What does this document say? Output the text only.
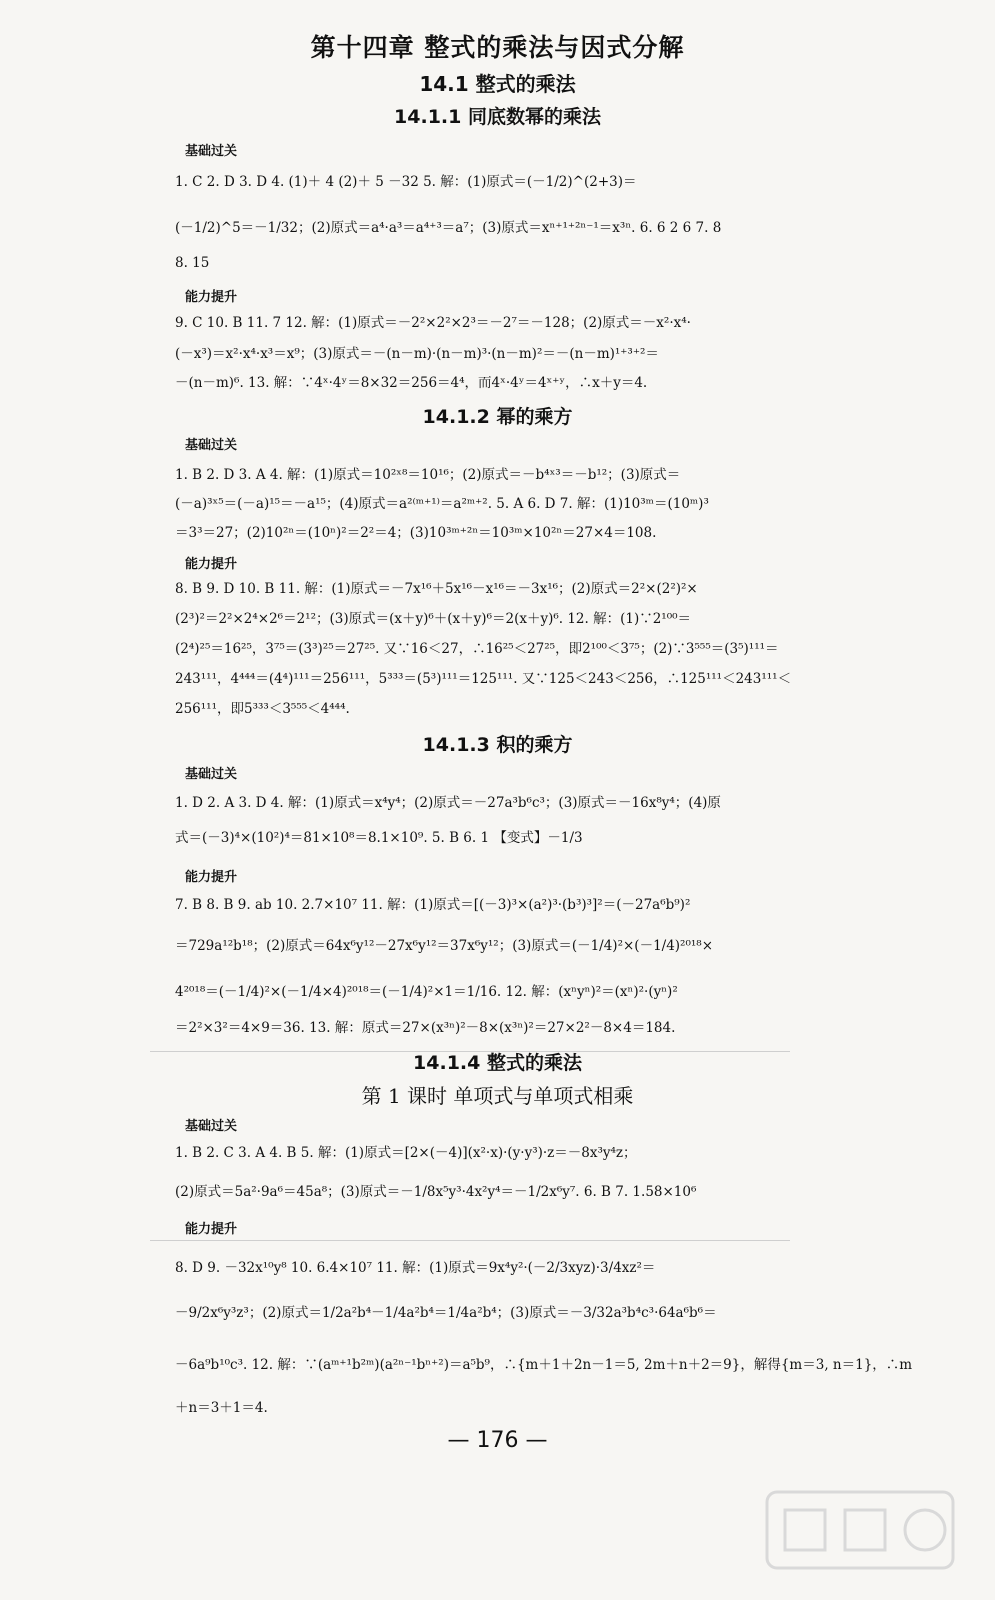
第十四章 整式的乘法与因式分解
14.1 整式的乘法
14.1.1 同底数幂的乘法
基础过关
1. C 2. D 3. D 4. (1)＋ 4 (2)＋ 5 －32 5. 解：(1)原式＝(－1/2)^(2+3)＝
(－1/2)^5＝－1/32；(2)原式＝a⁴·a³＝a⁴⁺³＝a⁷；(3)原式＝xⁿ⁺¹⁺²ⁿ⁻¹＝x³ⁿ. 6. 6 2 6 7. 8
8. 15
能力提升
9. C 10. B 11. 7 12. 解：(1)原式＝－2²×2²×2³＝－2⁷＝－128；(2)原式＝－x²·x⁴·
(－x³)＝x²·x⁴·x³＝x⁹；(3)原式＝－(n－m)·(n－m)³·(n－m)²＝－(n－m)¹⁺³⁺²＝
－(n－m)⁶. 13. 解：∵4ˣ·4ʸ＝8×32＝256＝4⁴，而4ˣ·4ʸ＝4ˣ⁺ʸ，∴x＋y＝4.
14.1.2 幂的乘方
基础过关
1. B 2. D 3. A 4. 解：(1)原式＝10²ˣ⁸＝10¹⁶；(2)原式＝－b⁴ˣ³＝－b¹²；(3)原式＝
(－a)³ˣ⁵＝(－a)¹⁵＝－a¹⁵；(4)原式＝a²⁽ᵐ⁺¹⁾＝a²ᵐ⁺². 5. A 6. D 7. 解：(1)10³ᵐ＝(10ᵐ)³
＝3³＝27；(2)10²ⁿ＝(10ⁿ)²＝2²＝4；(3)10³ᵐ⁺²ⁿ＝10³ᵐ×10²ⁿ＝27×4＝108.
能力提升
8. B 9. D 10. B 11. 解：(1)原式＝－7x¹⁶＋5x¹⁶－x¹⁶＝－3x¹⁶；(2)原式＝2²×(2²)²×
(2³)²＝2²×2⁴×2⁶＝2¹²；(3)原式＝(x＋y)⁶＋(x＋y)⁶＝2(x＋y)⁶. 12. 解：(1)∵2¹⁰⁰＝
(2⁴)²⁵＝16²⁵，3⁷⁵＝(3³)²⁵＝27²⁵. 又∵16＜27，∴16²⁵＜27²⁵，即2¹⁰⁰＜3⁷⁵；(2)∵3⁵⁵⁵＝(3⁵)¹¹¹＝
243¹¹¹，4⁴⁴⁴＝(4⁴)¹¹¹＝256¹¹¹，5³³³＝(5³)¹¹¹＝125¹¹¹. 又∵125＜243＜256，∴125¹¹¹＜243¹¹¹＜
256¹¹¹，即5³³³＜3⁵⁵⁵＜4⁴⁴⁴.
14.1.3 积的乘方
基础过关
1. D 2. A 3. D 4. 解：(1)原式＝x⁴y⁴；(2)原式＝－27a³b⁶c³；(3)原式＝－16x⁸y⁴；(4)原
式＝(－3)⁴×(10²)⁴＝81×10⁸＝8.1×10⁹. 5. B 6. 1 【变式】－1/3
能力提升
7. B 8. B 9. ab 10. 2.7×10⁷ 11. 解：(1)原式＝[(－3)³×(a²)³·(b³)³]²＝(－27a⁶b⁹)²
＝729a¹²b¹⁸；(2)原式＝64x⁶y¹²－27x⁶y¹²＝37x⁶y¹²；(3)原式＝(－1/4)²×(－1/4)²⁰¹⁸×
4²⁰¹⁸＝(－1/4)²×(－1/4×4)²⁰¹⁸＝(－1/4)²×1＝1/16. 12. 解：(xⁿyⁿ)²＝(xⁿ)²·(yⁿ)²
＝2²×3²＝4×9＝36. 13. 解：原式＝27×(x³ⁿ)²－8×(x³ⁿ)²＝27×2²－8×4＝184.
14.1.4 整式的乘法
第 1 课时 单项式与单项式相乘
基础过关
1. B 2. C 3. A 4. B 5. 解：(1)原式＝[2×(－4)](x²·x)·(y·y³)·z＝－8x³y⁴z；
(2)原式＝5a²·9a⁶＝45a⁸；(3)原式＝－1/8x⁵y³·4x²y⁴＝－1/2x⁶y⁷. 6. B 7. 1.58×10⁶
能力提升
8. D 9. －32x¹⁰y⁸ 10. 6.4×10⁷ 11. 解：(1)原式＝9x⁴y²·(－2/3xyz)·3/4xz²＝
－9/2x⁶y³z³；(2)原式＝1/2a²b⁴－1/4a²b⁴＝1/4a²b⁴；(3)原式＝－3/32a³b⁴c³·64a⁶b⁶＝
－6a⁹b¹⁰c³. 12. 解：∵(aᵐ⁺¹b²ᵐ)(a²ⁿ⁻¹bⁿ⁺²)＝a⁵b⁹，∴{m＋1＋2n－1＝5, 2m＋n＋2＝9}，解得{m＝3, n＝1}，∴m
＋n＝3＋1＝4.
— 176 —
